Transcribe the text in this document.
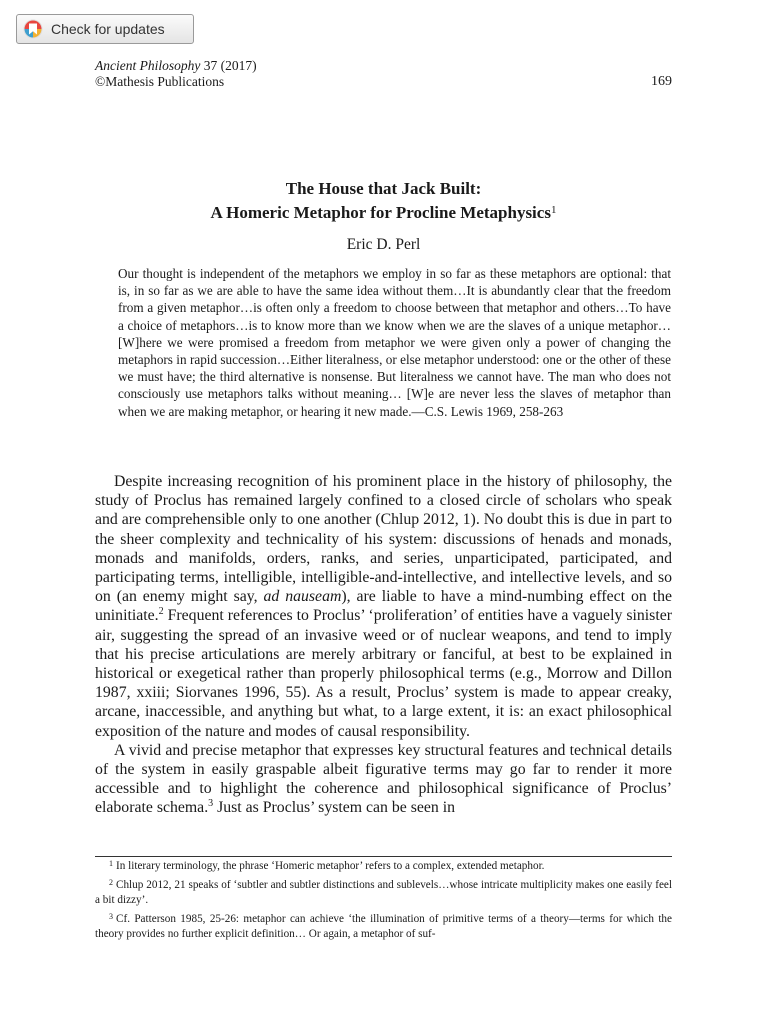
Check for updates
Ancient Philosophy 37 (2017)
©Mathesis Publications	169
The House that Jack Built:
A Homeric Metaphor for Procline Metaphysics$^1$
Eric D. Perl
Our thought is independent of the metaphors we employ in so far as these metaphors are optional: that is, in so far as we are able to have the same idea without them…It is abundantly clear that the freedom from a given metaphor…is often only a freedom to choose between that metaphor and others…To have a choice of metaphors…is to know more than we know when we are the slaves of a unique metaphor… [W]here we were promised a freedom from metaphor we were given only a power of changing the metaphors in rapid succession…Either literalness, or else metaphor understood: one or the other of these we must have; the third alternative is nonsense. But literalness we cannot have. The man who does not consciously use metaphors talks without meaning… [W]e are never less the slaves of metaphor than when we are making metaphor, or hearing it new made.—C.S. Lewis 1969, 258-263

Despite increasing recognition of his prominent place in the history of philosophy, the study of Proclus has remained largely confined to a closed circle of scholars who speak and are comprehensible only to one another (Chlup 2012, 1). No doubt this is due in part to the sheer complexity and technicality of his system: discussions of henads and monads, monads and manifolds, orders, ranks, and series, unparticipated, participated, and participating terms, intelligible, intelligible-and-intellective, and intellective levels, and so on (an enemy might say, ad nauseam), are liable to have a mind-numbing effect on the uninitiate.$^2$ Frequent references to Proclus’ ‘proliferation’ of entities have a vaguely sinister air, suggesting the spread of an invasive weed or of nuclear weapons, and tend to imply that his precise articulations are merely arbitrary or fanciful, at best to be explained in historical or exegetical rather than properly philosophical terms (e.g., Morrow and Dillon 1987, xxiii; Siorvanes 1996, 55). As a result, Proclus’ system is made to appear creaky, arcane, inaccessible, and anything but what, to a large extent, it is: an exact philosophical exposition of the nature and modes of causal responsibility.

A vivid and precise metaphor that expresses key structural features and technical details of the system in easily graspable albeit figurative terms may go far to render it more accessible and to highlight the coherence and philosophical significance of Proclus’ elaborate schema.$^3$ Just as Proclus’ system can be seen in

$^1$ In literary terminology, the phrase ‘Homeric metaphor’ refers to a complex, extended metaphor.

$^2$ Chlup 2012, 21 speaks of ‘subtler and subtler distinctions and sublevels…whose intricate multiplicity makes one easily feel a bit dizzy’.

$^3$ Cf. Patterson 1985, 25-26: metaphor can achieve ‘the illumination of primitive terms of a theory—terms for which the theory provides no further explicit definition… Or again, a metaphor of suf-
